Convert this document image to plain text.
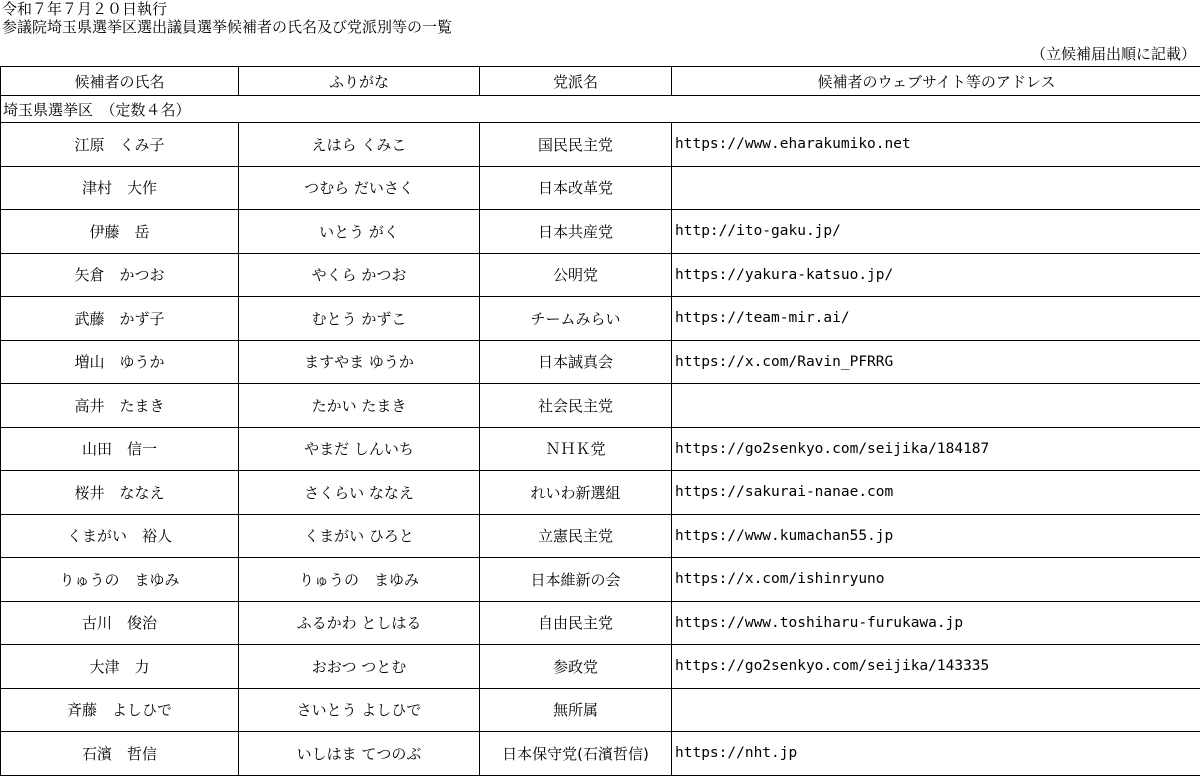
令和７年７月２０日執行
参議院埼玉県選挙区選出議員選挙候補者の氏名及び党派別等の一覧
（立候補届出順に記載）
候補者の氏名	ふりがな	党派名	候補者のウェブサイト等のアドレス
埼玉県選挙区　（定数４名）			
江原　くみ子	えはら くみこ	国民民主党	https://www.eharakumiko.net
津村　大作	つむら だいさく	日本改革党	
伊藤　岳	いとう がく	日本共産党	http://ito-gaku.jp/
矢倉　かつお	やくら かつお	公明党	https://yakura-katsuo.jp/
武藤　かず子	むとう かずこ	チームみらい	https://team-mir.ai/
増山　ゆうか	ますやま ゆうか	日本誠真会	https://x.com/Ravin_PFRRG
高井　たまき	たかい たまき	社会民主党	
山田　信一	やまだ しんいち	ＮＨＫ党	https://go2senkyo.com/seijika/184187
桜井　ななえ	さくらい ななえ	れいわ新選組	https://sakurai-nanae.com
くまがい　裕人	くまがい ひろと	立憲民主党	https://www.kumachan55.jp
りゅうの　まゆみ	りゅうの　まゆみ	日本維新の会	https://x.com/ishinryuno
古川　俊治	ふるかわ としはる	自由民主党	https://www.toshiharu-furukawa.jp
大津　力	おおつ つとむ	参政党	https://go2senkyo.com/seijika/143335
斉藤　よしひで	さいとう よしひで	無所属	
石濱　哲信	いしはま てつのぶ	日本保守党(石濱哲信)	https://nht.jp
